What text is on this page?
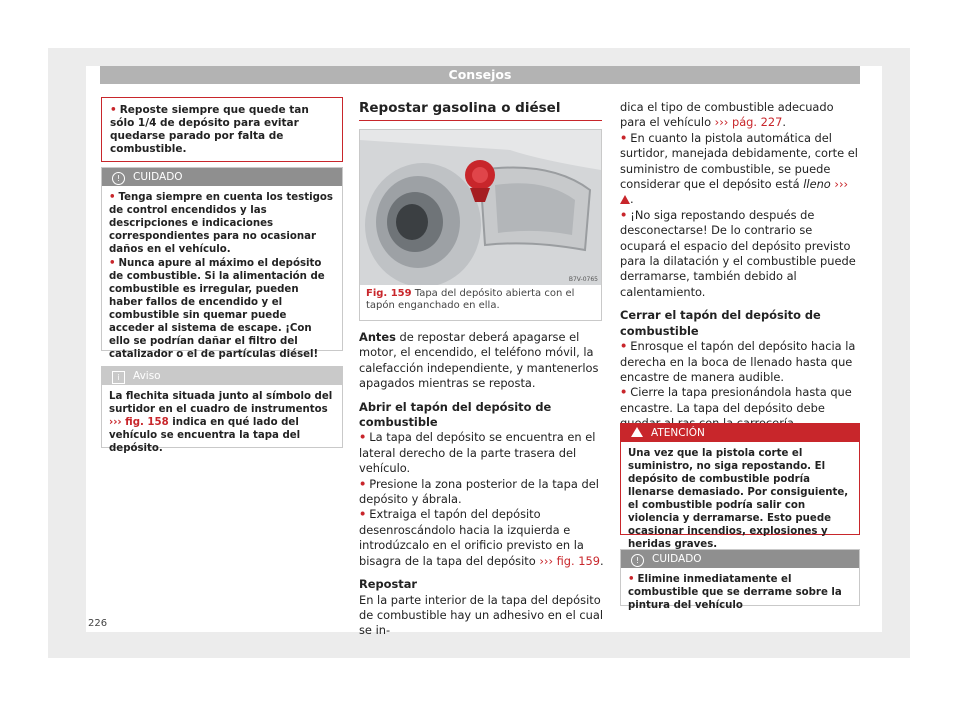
Consejos
• Reposte siempre que quede tan sólo 1/4 de depósito para evitar quedarse parado por falta de combustible.
! CUIDADO

• Tenga siempre en cuenta los testigos de control encendidos y las descripciones e indicaciones correspondientes para no ocasionar daños en el vehículo.

• Nunca apure al máximo el depósito de combustible. Si la alimentación de combustible es irregular, pueden haber fallos de encendido y el combustible sin quemar puede acceder al sistema de escape. ¡Con ello se podrían dañar el filtro del catalizador o el de partículas diésel!

i Aviso
La flechita situada junto al símbolo del surtidor en el cuadro de instrumentos ››› fig. 158 indica en qué lado del vehículo se encuentra la tapa del depósito.
Repostar gasolina o diésel
B7V-0765
Fig. 159 Tapa del depósito abierta con el tapón enganchado en ella.

Antes de repostar deberá apagarse el motor, el encendido, el teléfono móvil, la calefacción independiente, y mantenerlos apagados mientras se reposta.

Abrir el tapón del depósito de combustible

• La tapa del depósito se encuentra en el lateral derecho de la parte trasera del vehículo.

• Presione la zona posterior de la tapa del depósito y ábrala.

• Extraiga el tapón del depósito desenroscándolo hacia la izquierda e introdúzcalo en el orificio previsto en la bisagra de la tapa del depósito ››› fig. 159.

Repostar

En la parte interior de la tapa del depósito de combustible hay un adhesivo en el cual se in-

dica el tipo de combustible adecuado para el vehículo ››› pág. 227.

• En cuanto la pistola automática del surtidor, manejada debidamente, corte el suministro de combustible, se puede considerar que el depósito está lleno ››› .

• ¡No siga repostando después de desconectarse! De lo contrario se ocupará el espacio del depósito previsto para la dilatación y el combustible puede derramarse, también debido al calentamiento.

Cerrar el tapón del depósito de combustible

• Enrosque el tapón del depósito hacia la derecha en la boca de llenado hasta que encastre de manera audible.

• Cierre la tapa presionándola hasta que encastre. La tapa del depósito debe

ATENCIÓN
Una vez que la pistola corte el suministro, no siga repostando. El depósito de combustible podría llenarse demasiado. Por consiguiente, el combustible podría salir con violencia y derramarse. Esto puede ocasionar incendios, explosiones y heridas graves.
! CUIDADO
• Elimine inmediatamente el combustible que se derrame sobre la pintura del vehículo
226
